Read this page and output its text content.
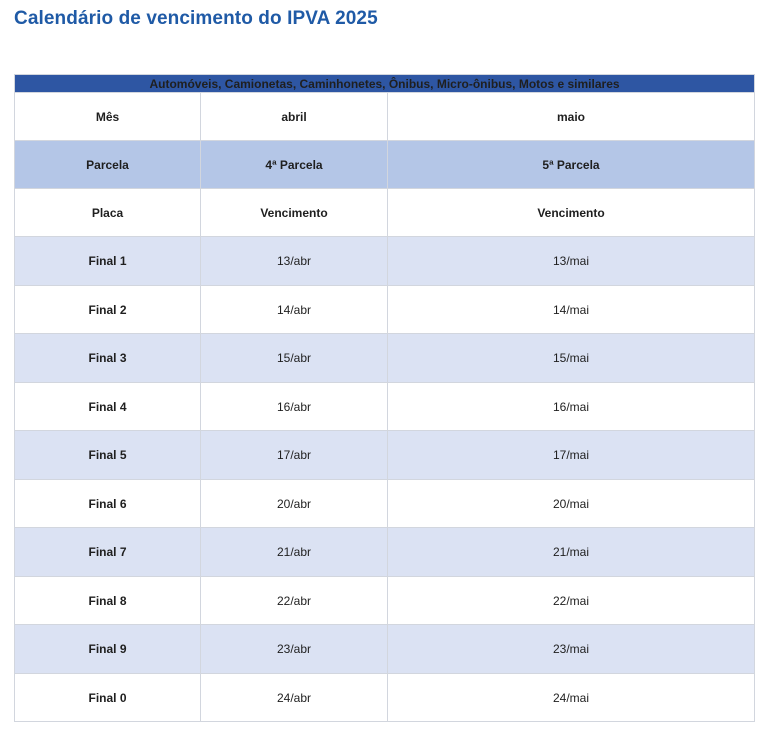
Calendário de vencimento do IPVA 2025
Automóveis, Camionetas, Caminhonetes, Ônibus, Micro-ônibus, Motos e similares		
Mês	abril	maio
Parcela	4ª Parcela	5ª Parcela
Placa	Vencimento	Vencimento
Final 1	13/abr	13/mai
Final 2	14/abr	14/mai
Final 3	15/abr	15/mai
Final 4	16/abr	16/mai
Final 5	17/abr	17/mai
Final 6	20/abr	20/mai
Final 7	21/abr	21/mai
Final 8	22/abr	22/mai
Final 9	23/abr	23/mai
Final 0	24/abr	24/mai
